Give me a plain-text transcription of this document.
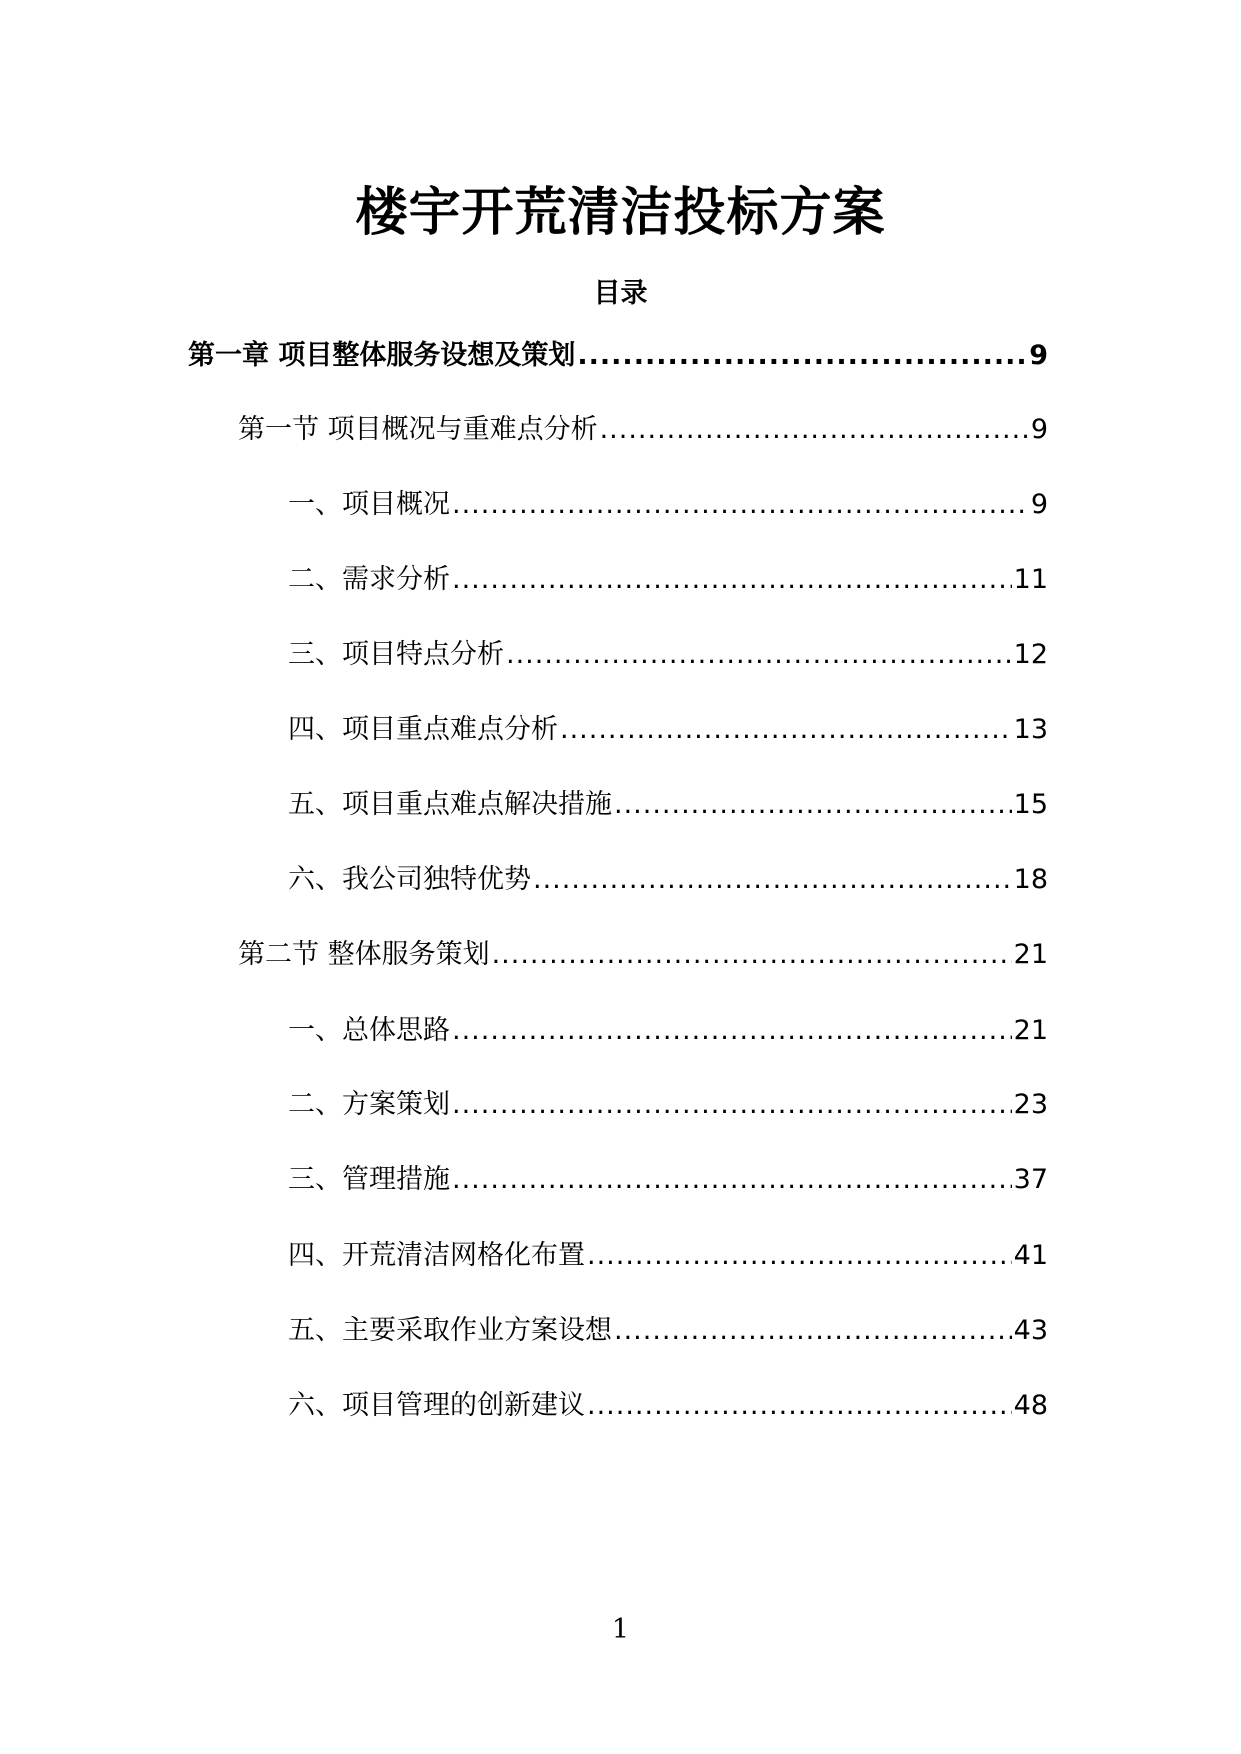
楼宇开荒清洁投标方案
目录
第一章 项目整体服务设想及策划 .....	9
第一节 项目概况与重难点分析 .....	9
一、项目概况 .....	9
二、需求分析 .....	11
三、项目特点分析 .....	12
四、项目重点难点分析 .....	13
五、项目重点难点解决措施 .....	15
六、我公司独特优势 .....	18
第二节 整体服务策划 .....	21
一、总体思路 .....	21
二、方案策划 .....	23
三、管理措施 .....	37
四、开荒清洁网格化布置 .....	41
五、主要采取作业方案设想 .....	43
六、项目管理的创新建议 .....	48
1
